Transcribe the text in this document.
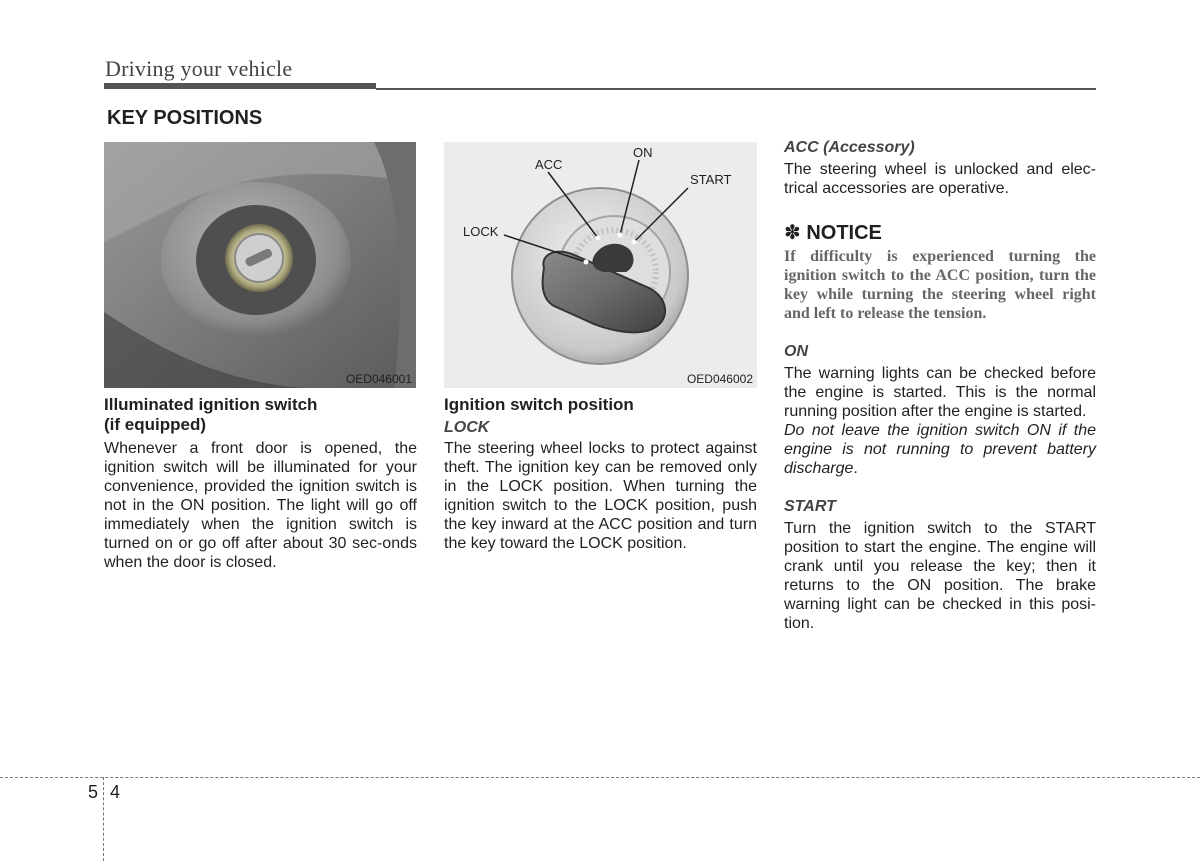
Driving your vehicle
KEY POSITIONS
OED046001
ON
ACC
START
LOCK
OED046002
Illuminated ignition switch
(if equipped)
Whenever a front door is opened, the ignition switch will be illuminated for your convenience, provided the ignition switch is not in the ON position. The light will go off immediately when the ignition switch is turned on or go off after about 30 sec-onds when the door is closed.
Ignition switch position
LOCK
The steering wheel locks to protect against theft. The ignition key can be removed only in the LOCK position. When turning the ignition switch to the LOCK position, push the key inward at the ACC position and turn the key toward the LOCK position.
ACC (Accessory)
The steering wheel is unlocked and elec-trical accessories are operative.
✽ NOTICE
If difficulty is experienced turning the ignition switch to the ACC position, turn the key while turning the steering wheel right and left to release the tension.
ON
The warning lights can be checked before the engine is started. This is the normal running position after the engine is started.
Do not leave the ignition switch ON if the engine is not running to prevent battery discharge.
START
Turn the ignition switch to the START position to start the engine. The engine will crank until you release the key; then it returns to the ON position. The brake warning light can be checked in this posi-tion.
5 4
